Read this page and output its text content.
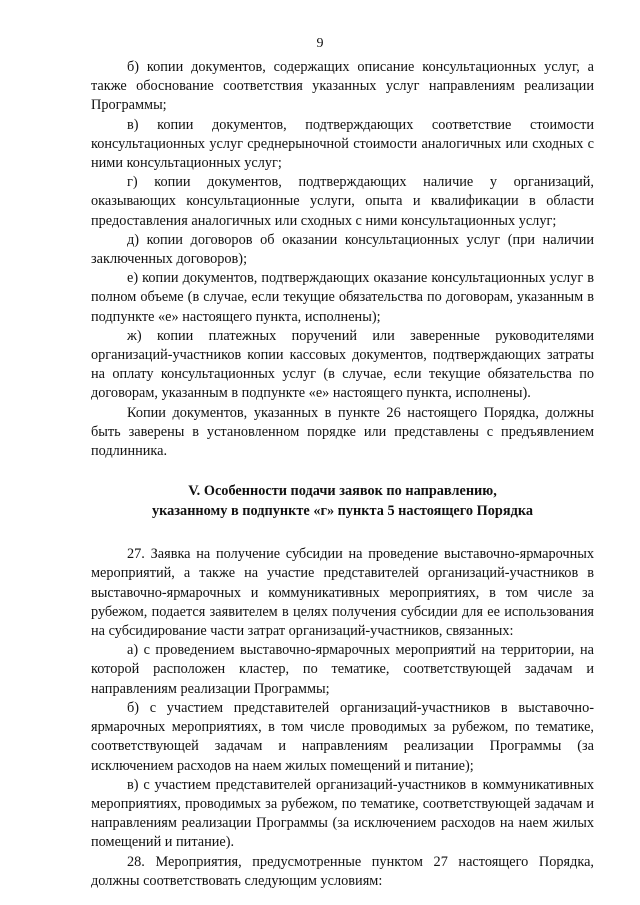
9

б) копии документов, содержащих описание консультационных услуг, а также обоснование соответствия указанных услуг направлениям реализации Программы;

в) копии документов, подтверждающих соответствие стоимости консультационных услуг среднерыночной стоимости аналогичных или сходных с ними консультационных услуг;

г) копии документов, подтверждающих наличие у организаций, оказывающих консультационные услуги, опыта и квалификации в области предоставления аналогичных или сходных с ними консультационных услуг;

д) копии договоров об оказании консультационных услуг (при наличии заключенных договоров);

е) копии документов, подтверждающих оказание консультационных услуг в полном объеме (в случае, если текущие обязательства по договорам, указанным в подпункте «е» настоящего пункта, исполнены);

ж) копии платежных поручений или заверенные руководителями организаций-участников копии кассовых документов, подтверждающих затраты на оплату консультационных услуг (в случае, если текущие обязательства по договорам, указанным в подпункте «е» настоящего пункта, исполнены).

Копии документов, указанных в пункте 26 настоящего Порядка, должны быть заверены в установленном порядке или представлены с предъявлением подлинника.

V. Особенности подачи заявок по направлению,
указанному в подпункте «г» пункта 5 настоящего Порядка

27. Заявка на получение субсидии на проведение выставочно-ярмарочных мероприятий, а также на участие представителей организаций-участников в выставочно-ярмарочных и коммуникативных мероприятиях, в том числе за рубежом, подается заявителем в целях получения субсидии для ее использования на субсидирование части затрат организаций-участников, связанных:

а) с проведением выставочно-ярмарочных мероприятий на территории, на которой расположен кластер, по тематике, соответствующей задачам и направлениям реализации Программы;

б) с участием представителей организаций-участников в выставочно-ярмарочных мероприятиях, в том числе проводимых за рубежом, по тематике, соответствующей задачам и направлениям реализации Программы (за исключением расходов на наем жилых помещений и питание);

в) с участием представителей организаций-участников в коммуникативных мероприятиях, проводимых за рубежом, по тематике, соответствующей задачам и направлениям реализации Программы (за исключением расходов на наем жилых помещений и питание).

28. Мероприятия, предусмотренные пунктом 27 настоящего Порядка, должны соответствовать следующим условиям:
